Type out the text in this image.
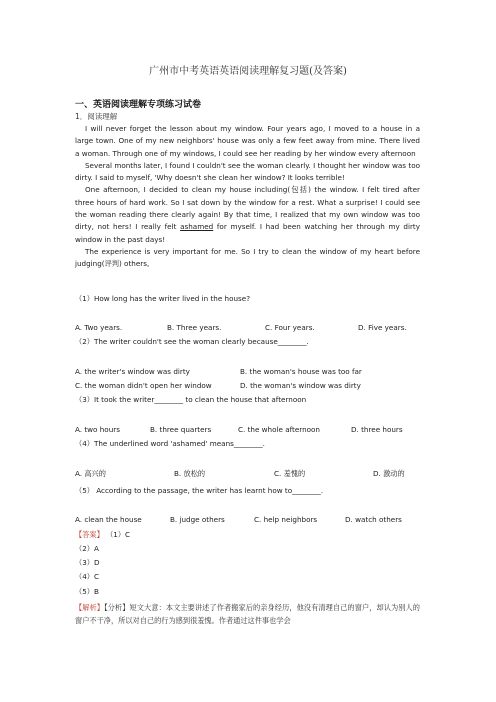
广州市中考英语英语阅读理解复习题(及答案)
一、英语阅读理解专项练习试卷
1．阅读理解

I will never forget the lesson about my window. Four years ago, I moved to a house in a large town. One of my new neighbors' house was only a few feet away from mine. There lived a woman. Through one of my windows, I could see her reading by her window every afternoon

Several months later, I found I couldn't see the woman clearly. I thought her window was too dirty. I said to myself, 'Why doesn't she clean her window? It looks terrible!

One afternoon, I decided to clean my house including(包括) the window. I felt tired after three hours of hard work. So I sat down by the window for a rest. What a surprise! I could see the woman reading there clearly again! By that time, I realized that my own window was too dirty, not hers! I really felt ashamed for myself. I had been watching her through my dirty window in the past days!

The experience is very important for me. So I try to clean the window of my heart before judging(评判) others,

（1）How long has the writer lived in the house?
A. Two years.	B. Three years.	C. Four years.	D. Five years.
（2）The writer couldn't see the woman clearly because________.
A. the writer's window was dirty	B. the woman's house was too far
C. the woman didn't open her window	D. the woman's window was dirty
（3）It took the writer________ to clean the house that afternoon
A. two hours	B. three quarters	C. the whole afternoon	D. three hours
（4）The underlined word 'ashamed' means________.
A. 高兴的	B. 放松的	C. 羞愧的	D. 激动的
（5） According to the passage, the writer has learnt how to________.
A. clean the house	B. judge others	C. help neighbors	D. watch others
【答案】 （1）C
（2）A
（3）D
（4）C
（5）B
【解析】【分析】短文大意：本文主要讲述了作者搬家后的亲身经历，他没有清理自己的窗户，却认为别人的窗户不干净，所以对自己的行为感到很羞愧。作者通过这件事也学会
